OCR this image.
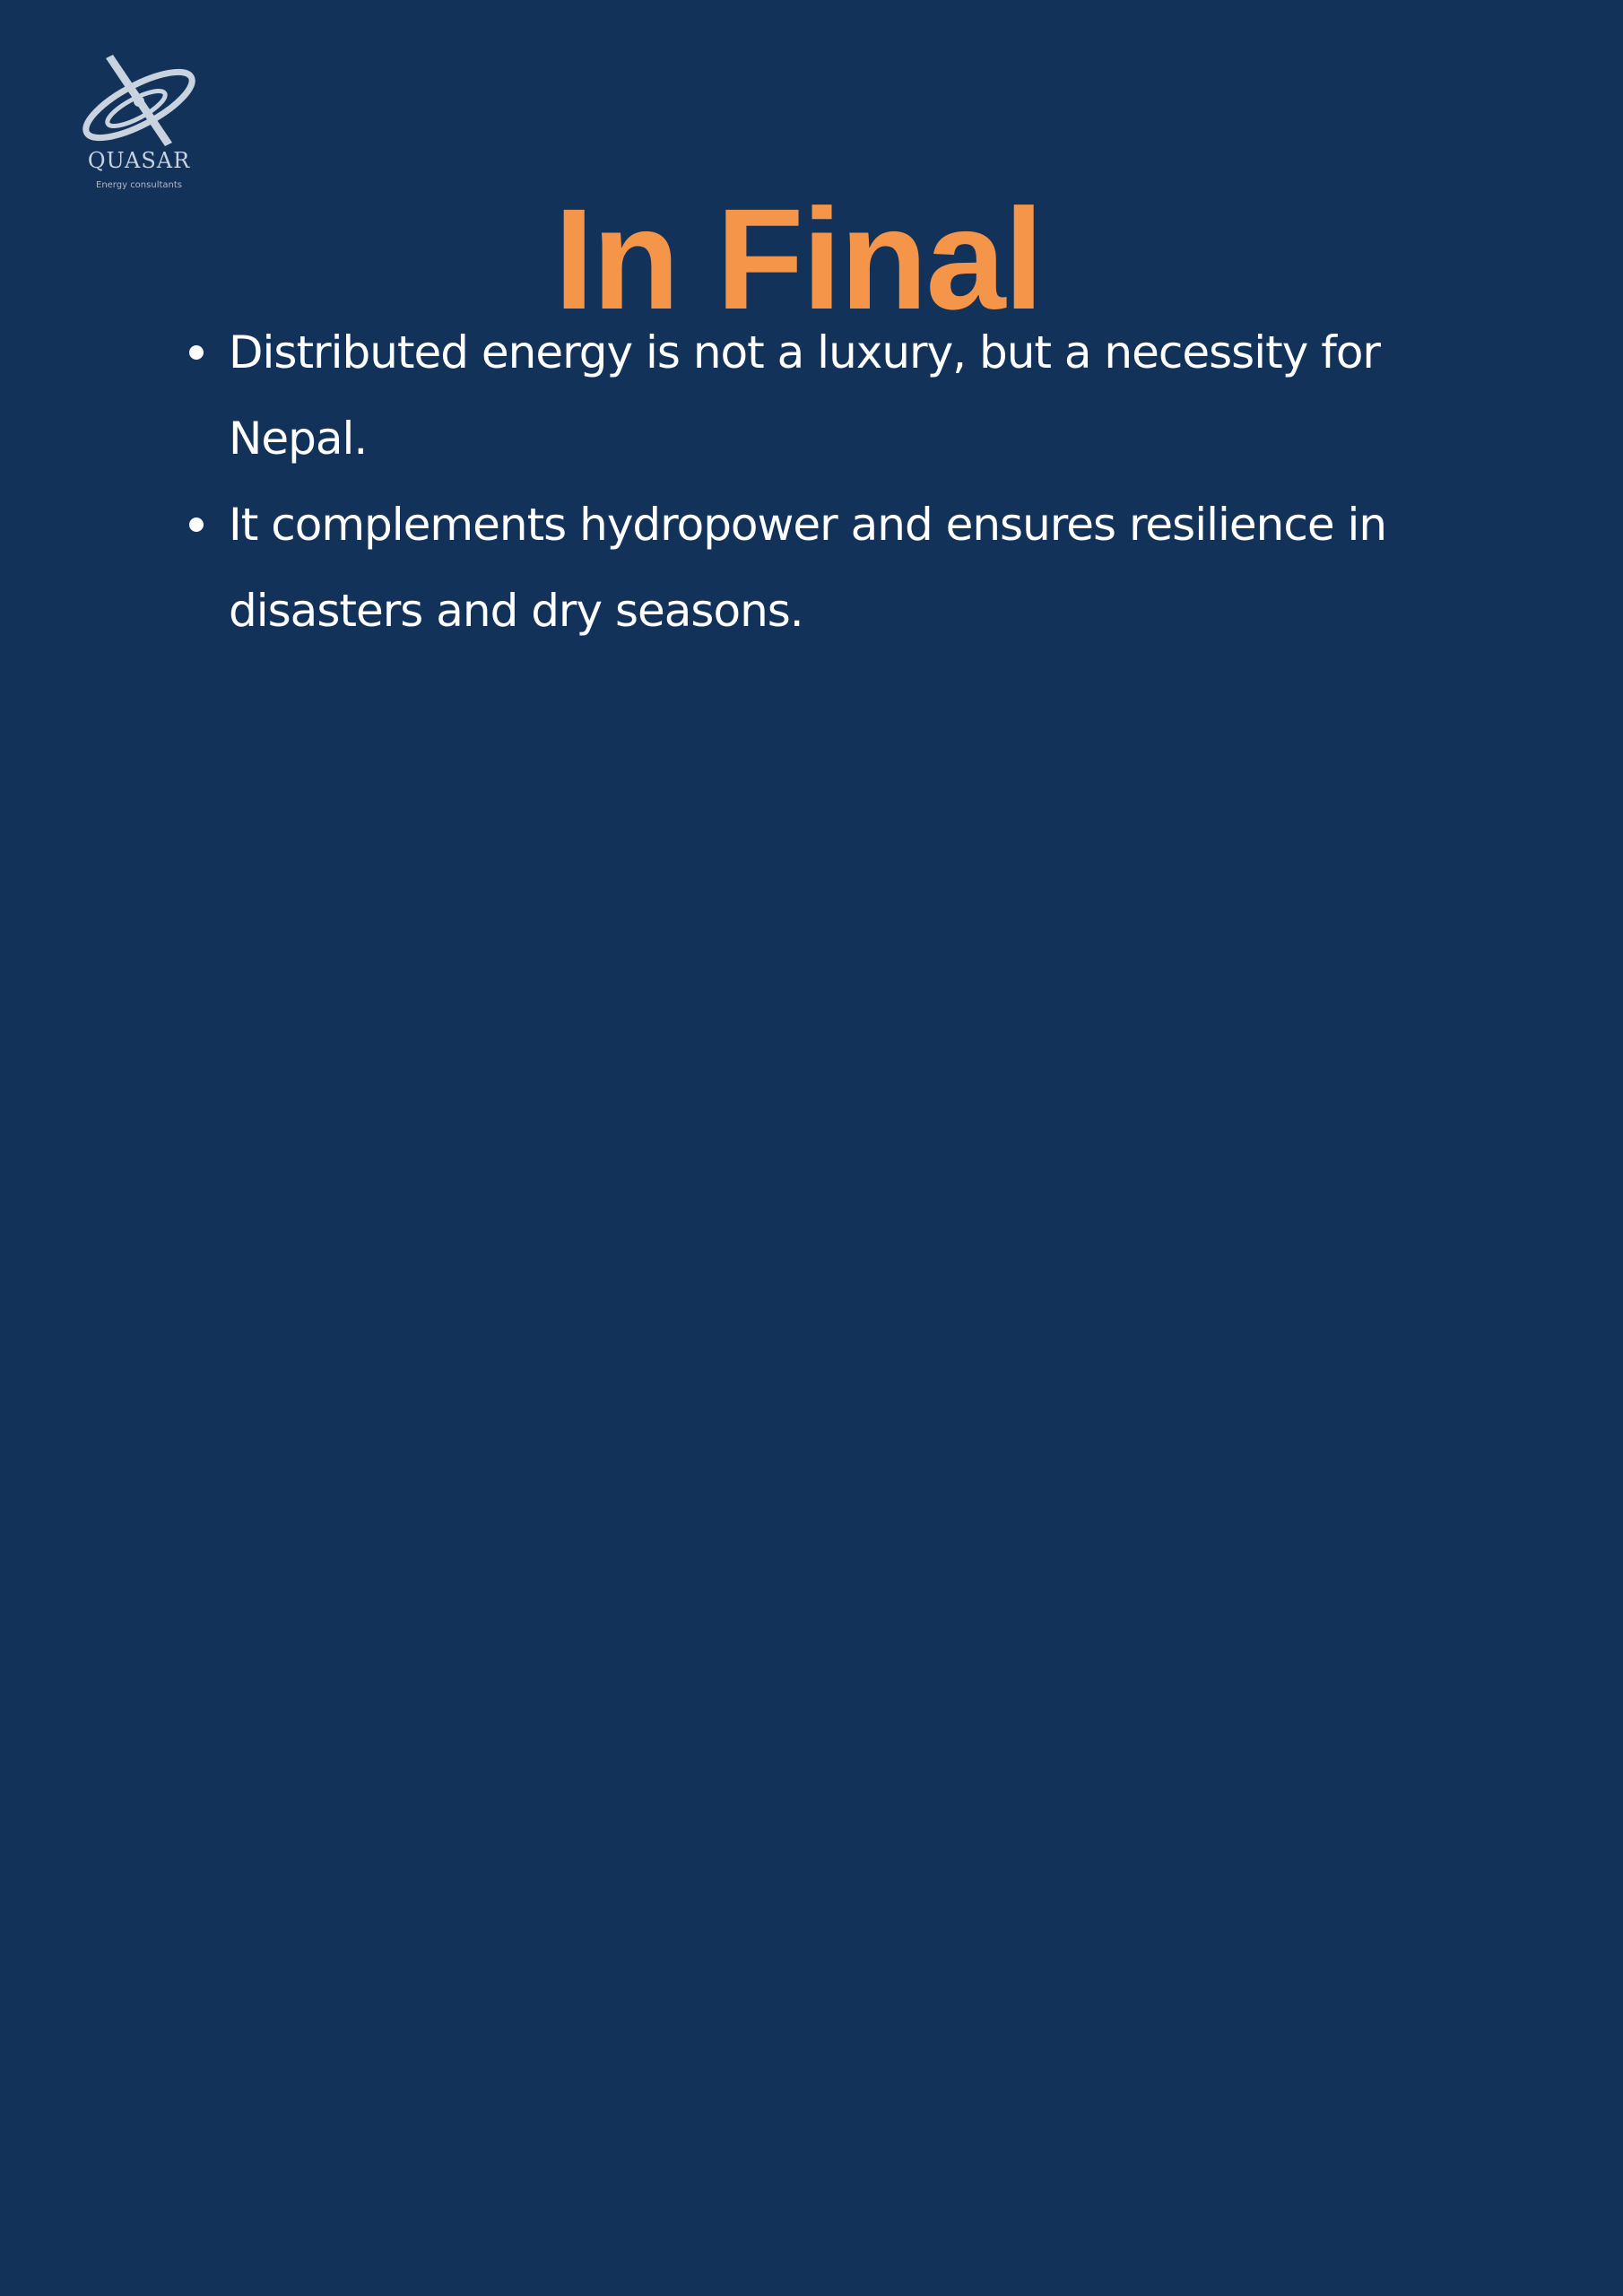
QUASAR
Energy consultants	In Final
Distributed energy is not a luxury, but a necessity for Nepal.
It complements hydropower and ensures resilience in disasters and dry seasons.
